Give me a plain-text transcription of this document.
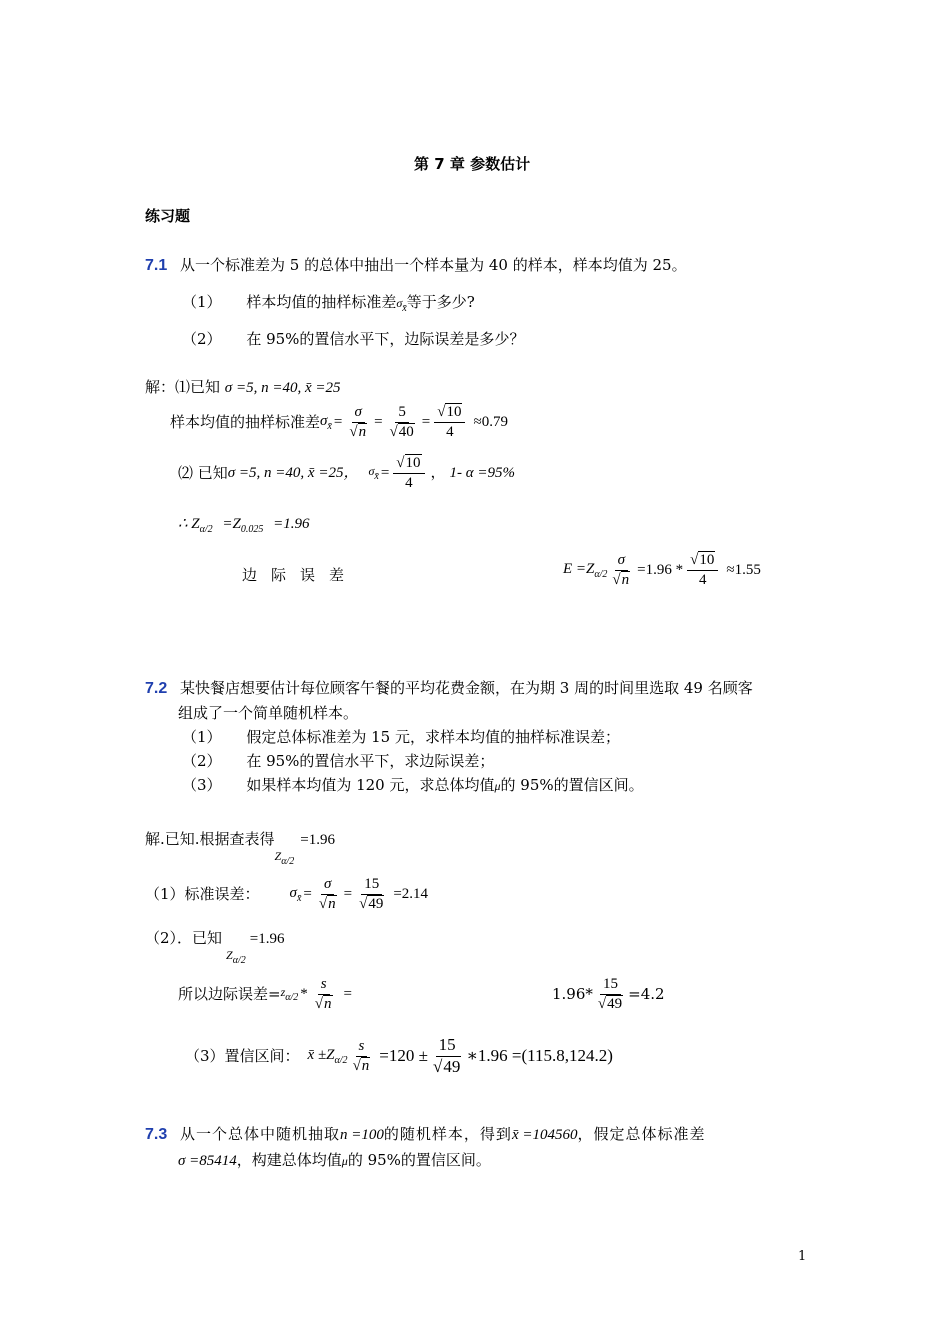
第 7 章 参数估计
练习题
7.1 从一个标准差为 5 的总体中抽出一个样本量为 40 的样本，样本均值为 25。
（1） 样本均值的抽样标准差$\sigma_{x̄}$等于多少?
（2） 在 95%的置信水平下，边际误差是多少？
解：⑴已知 σ =5, n =40, x̄ =25
样本均值的抽样标准差 $\sigma_{x̄} = \frac{\sigma}{√n} = \frac{5}{√40} = \frac{√10}{4} \approx 0.79$
⑵ 已知 σ =5, n =40, x̄ =25， $\sigma_{x̄} = \frac{√10}{4}$ ， 1- α =95%
∴ $Z_{\alpha/2} =Z_{0.025} =1.96$
边际误差	$E =Z_{\alpha/2} \frac{\sigma}{√n} =1.96 * \frac{√10}{4} \approx 1.55$
7.2 某快餐店想要估计每位顾客午餐的平均花费金额，在为期 3 周的时间里选取 49 名顾客
组成了一个简单随机样本。
（1） 假定总体标准差为 15 元，求样本均值的抽样标准误差；
（2） 在 95%的置信水平下，求边际误差；
（3） 如果样本均值为 120 元，求总体均值μ的 95%的置信区间。
解.已知.根据查表得$_{Z_{\alpha/2}}$=1.96
（1）标准误差： $\sigma_{x̄} = \frac{\sigma}{√n} = \frac{15}{√49} =2.14$
（2）．已知$_{Z_{\alpha/2}}$=1.96
所以边际误差= $z_{\alpha/2} * \frac{s}{√n}$ =	$1.96* \frac{15}{√49} =4.2$
（3）置信区间： x̄ $\pm Z_{\alpha/2} \frac{s}{√n} =120 \pm \frac{15}{√49}$ ∗1.96 = (115.8,124.2)
7.3 从一个总体中随机抽取n =100的随机样本，得到x̄ =104560，假定总体标准差
σ =85414，构建总体均值μ的 95%的置信区间。
1
